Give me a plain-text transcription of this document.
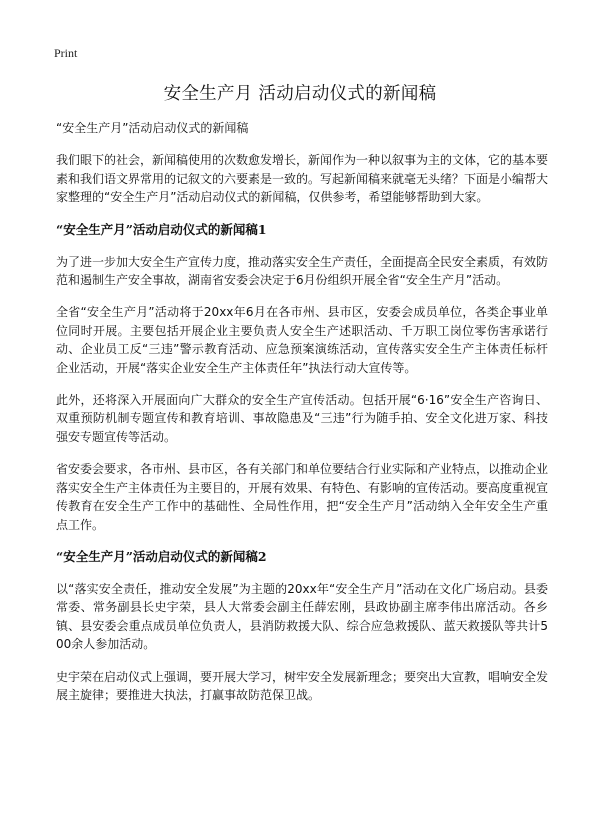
Print
安全生产月 活动启动仪式的新闻稿

“安全生产月”活动启动仪式的新闻稿

我们眼下的社会，新闻稿使用的次数愈发增长，新闻作为一种以叙事为主的文体，它的基本要素和我们语文界常用的记叙文的六要素是一致的。写起新闻稿来就毫无头绪？下面是小编帮大家整理的“安全生产月”活动启动仪式的新闻稿，仅供参考，希望能够帮助到大家。

“安全生产月”活动启动仪式的新闻稿1

为了进一步加大安全生产宣传力度，推动落实安全生产责任，全面提高全民安全素质，有效防范和遏制生产安全事故，湖南省安委会决定于6月份组织开展全省“安全生产月”活动。

全省“安全生产月”活动将于20xx年6月在各市州、县市区，安委会成员单位，各类企事业单位同时开展。主要包括开展企业主要负责人安全生产述职活动、千万职工岗位零伤害承诺行动、企业员工反“三违”警示教育活动、应急预案演练活动，宣传落实安全生产主体责任标杆企业活动，开展“落实企业安全生产主体责任年”执法行动大宣传等。

此外，还将深入开展面向广大群众的安全生产宣传活动。包括开展“6·16”安全生产咨询日、双重预防机制专题宣传和教育培训、事故隐患及“三违”行为随手拍、安全文化进万家、科技强安专题宣传等活动。

省安委会要求，各市州、县市区，各有关部门和单位要结合行业实际和产业特点，以推动企业落实安全生产主体责任为主要目的，开展有效果、有特色、有影响的宣传活动。要高度重视宣传教育在安全生产工作中的基础性、全局性作用，把“安全生产月”活动纳入全年安全生产重点工作。

“安全生产月”活动启动仪式的新闻稿2

以“落实安全责任，推动安全发展”为主题的20xx年“安全生产月”活动在文化广场启动。县委常委、常务副县长史宇荣，县人大常委会副主任薛宏刚，县政协副主席李伟出席活动。各乡镇、县安委会重点成员单位负责人，县消防救援大队、综合应急救援队、蓝天救援队等共计500余人参加活动。

史宇荣在启动仪式上强调，要开展大学习，树牢安全发展新理念；要突出大宣教，唱响安全发展主旋律；要推进大执法，打赢事故防范保卫战。
